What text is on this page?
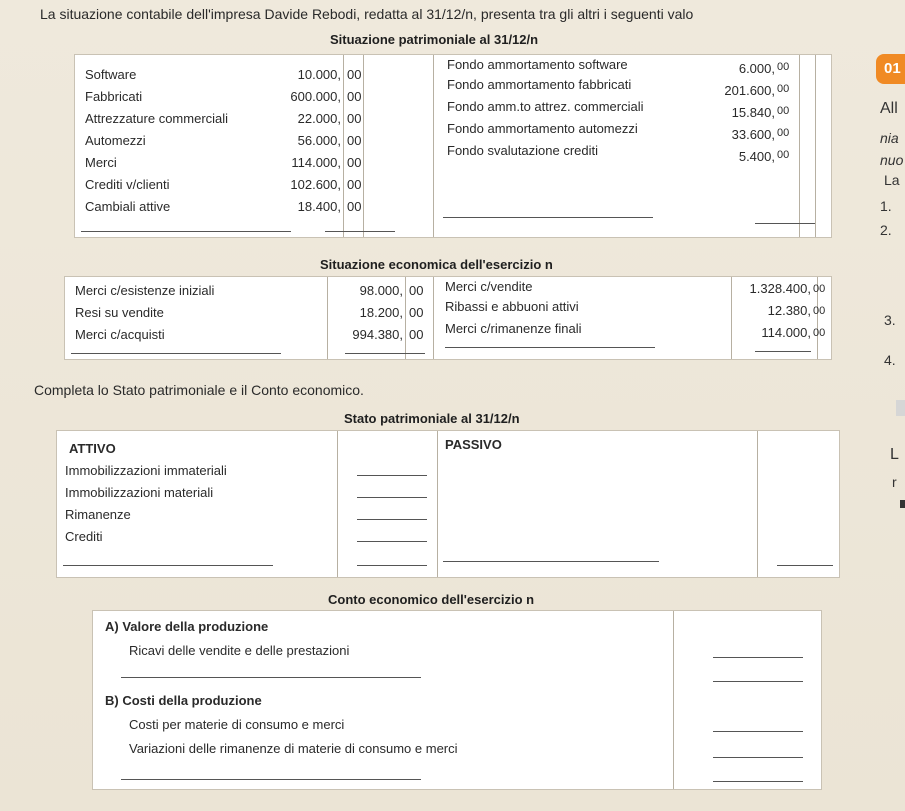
La situazione contabile dell'impresa Davide Rebodi, redatta al 31/12/n, presenta tra gli altri i seguenti valo
Situazione patrimoniale al 31/12/n
Software	10.000, 00
Fabbricati	600.000, 00
Attrezzature commerciali	22.000, 00
Automezzi	56.000, 00
Merci	114.000, 00
Crediti v/clienti	102.600, 00
Cambiali attive	18.400, 00
Fondo ammortamento software	6.000, 00
Fondo ammortamento fabbricati	201.600, 00
Fondo amm.to attrez. commerciali	15.840, 00
Fondo ammortamento automezzi	33.600, 00
Fondo svalutazione crediti	5.400, 00
Situazione economica dell'esercizio n
Merci c/esistenze iniziali	98.000, 00
Resi su vendite	18.200, 00
Merci c/acquisti	994.380, 00
Merci c/vendite	1.328.400, 00
Ribassi e abbuoni attivi	12.380, 00
Merci c/rimanenze finali	114.000, 00
Completa lo Stato patrimoniale e il Conto economico.
Stato patrimoniale al 31/12/n
ATTIVO	PASSIVO
Immobilizzazioni immateriali
Immobilizzazioni materiali
Rimanenze
Crediti
Conto economico dell'esercizio n
A) Valore della produzione
Ricavi delle vendite e delle prestazioni
B) Costi della produzione
Costi per materie di consumo e merci
Variazioni delle rimanenze di materie di consumo e merci
01
All
nia
nuo
La
1.
2.
3.
4.
L
r
